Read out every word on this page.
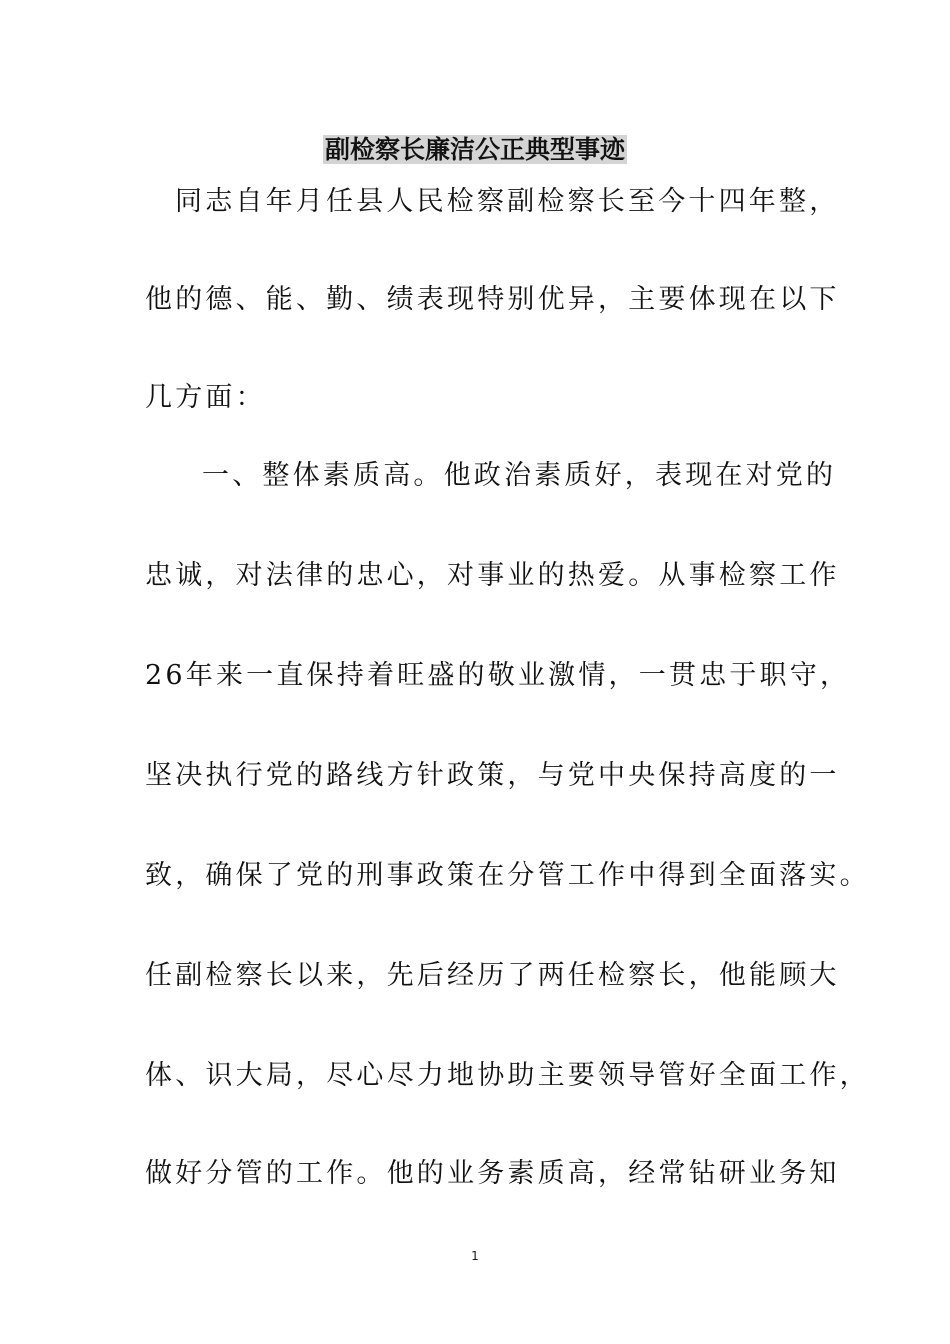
副检察长廉洁公正典型事迹
同志自年月任县人民检察副检察长至今十四年整，
他的德、能、勤、绩表现特别优异，主要体现在以下
几方面：
一、整体素质高。他政治素质好，表现在对党的
忠诚，对法律的忠心，对事业的热爱。从事检察工作
26年来一直保持着旺盛的敬业激情，一贯忠于职守，
坚决执行党的路线方针政策，与党中央保持高度的一
致，确保了党的刑事政策在分管工作中得到全面落实。
任副检察长以来，先后经历了两任检察长，他能顾大
体、识大局，尽心尽力地协助主要领导管好全面工作，
做好分管的工作。他的业务素质高，经常钻研业务知
1
